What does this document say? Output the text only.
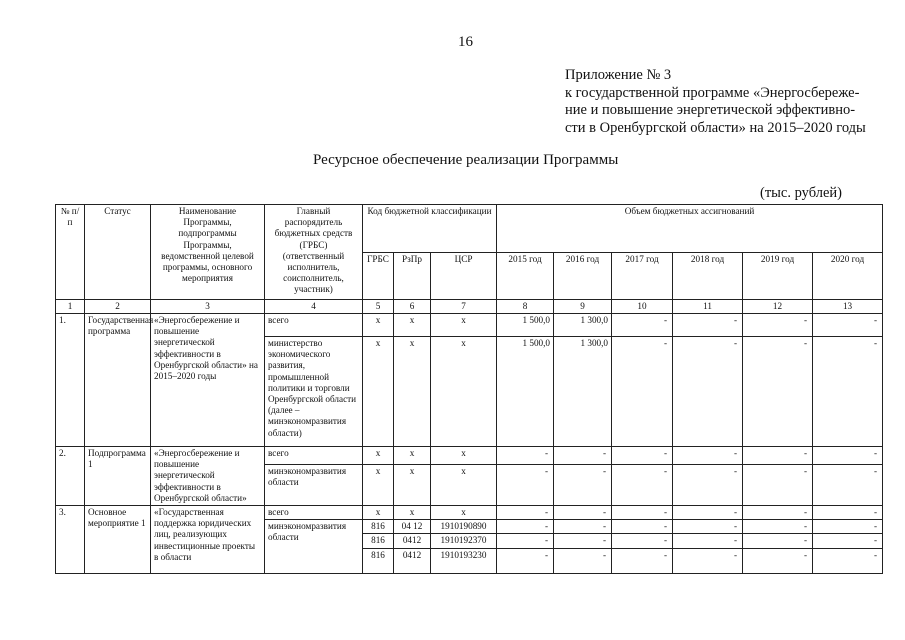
16
Приложение № 3
к государственной программе «Энергосбереже-
ние и повышение энергетической эффективно-
сти в Оренбургской области» на 2015–2020 годы
Ресурсное обеспечение реализации Программы
(тыс. рублей)
№ п/п	Статус	Наименование Программы, подпрограммы Программы, ведомственной целевой программы, основного мероприятия	Главный распорядитель бюджетных средств (ГРБС) (ответственный исполнитель, соисполнитель, участник)	Код бюджетной классификации			Объем бюджетных ассигнований					
				ГРБС	РзПр	ЦСР	2015 год	2016 год	2017 год	2018 год	2019 год	2020 год
1	2	3	4	5	6	7	8	9	10	11	12	13
1.	Государственная программа	«Энергосбережение и повышение энергетической эффективности в Оренбургской области» на 2015–2020 годы	всего	х	х	х	1 500,0	1 300,0	-	-	-	-
			министерство экономического развития, промышленной политики и торговли Оренбургской области (далее – минэкономразвития области)	х	х	х	1 500,0	1 300,0	-	-	-	-
2.	Подпрограмма 1	«Энергосбережение и повышение энергетической эффективности в Оренбургской области»	всего	х	х	х	-	-	-	-	-	-
			минэкономразвития области	х	х	х	-	-	-	-	-	-
3.	Основное мероприятие 1	«Государственная поддержка юридических лиц, реализующих инвестиционные проекты в области	всего	х	х	х	-	-	-	-	-	-
			минэкономразвития области	816	04 12	1910190890	-	-	-	-	-	-
				816	0412	1910192370	-	-	-	-	-	-
				816	0412	1910193230	-	-	-	-	-	-
